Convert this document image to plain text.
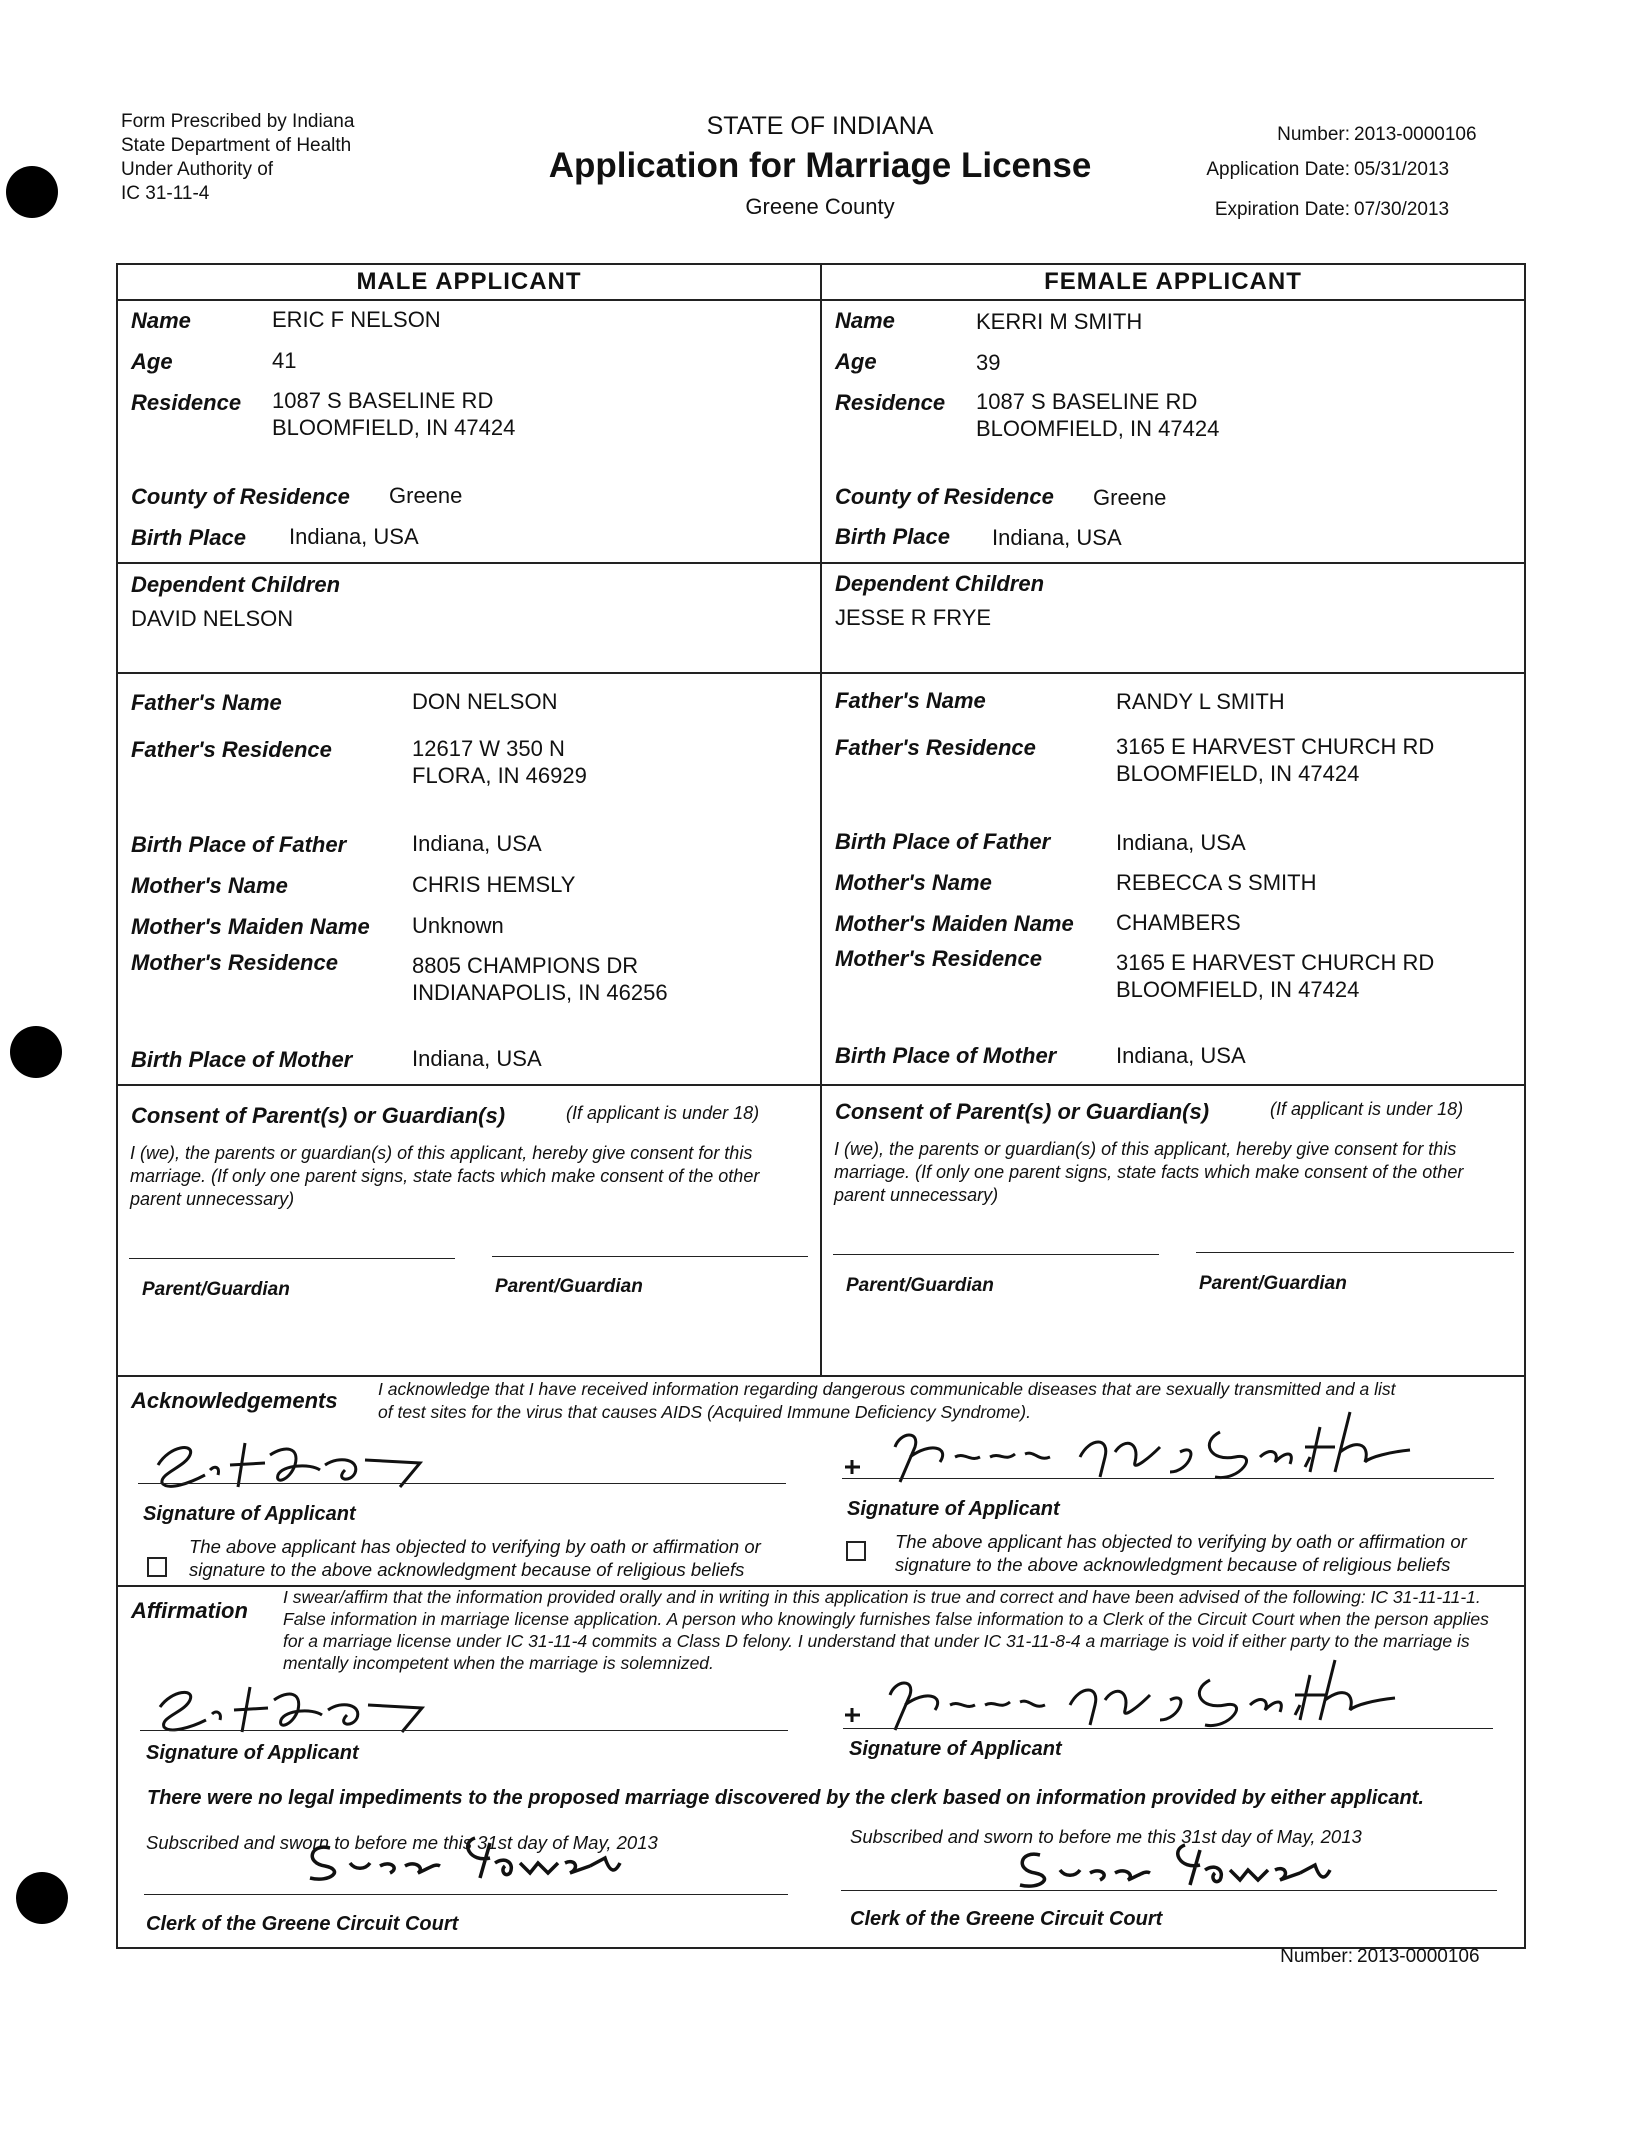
Form Prescribed by Indiana
State Department of Health
Under Authority of
IC 31-11-4
STATE OF INDIANA
Application for Marriage License
Greene County
Number: 2013-0000106
Application Date: 05/31/2013
Expiration Date: 07/30/2013
MALE APPLICANT	FEMALE APPLICANT
Name	ERIC F NELSON
Age	41
Residence 1087 S BASELINE RD
BLOOMFIELD, IN 47424
County of Residence Greene
Birth Place Indiana, USA
Dependent Children
DAVID NELSON
Father's Name	DON NELSON
Father's Residence	12617 W 350 N
FLORA, IN 46929
Birth Place of Father	Indiana, USA
Mother's Name	CHRIS HEMSLY
Mother's Maiden Name Unknown
Mother's Residence	8805 CHAMPIONS DR
INDIANAPOLIS, IN 46256
Birth Place of Mother	Indiana, USA
Name	KERRI M SMITH
Age	39
Residence 1087 S BASELINE RD
BLOOMFIELD, IN 47424
County of Residence Greene
Birth Place Indiana, USA
Dependent Children
JESSE R FRYE
Father's Name	RANDY L SMITH
Father's Residence	3165 E HARVEST CHURCH RD
BLOOMFIELD, IN 47424
Birth Place of Father	Indiana, USA
Mother's Name	REBECCA S SMITH
Mother's Maiden Name CHAMBERS
Mother's Residence	3165 E HARVEST CHURCH RD
BLOOMFIELD, IN 47424
Birth Place of Mother	Indiana, USA
Consent of Parent(s) or Guardian(s)	(If applicant is under 18)
I (we), the parents or guardian(s) of this applicant, hereby give consent for this marriage. (If only one parent signs, state facts which make consent of the other parent unnecessary)
Parent/Guardian	Parent/Guardian
Consent of Parent(s) or Guardian(s)	(If applicant is under 18)
I (we), the parents or guardian(s) of this applicant, hereby give consent for this marriage. (If only one parent signs, state facts which make consent of the other parent unnecessary)
Parent/Guardian	Parent/Guardian
Acknowledgements I acknowledge that I have received information regarding dangerous communicable diseases that are sexually transmitted and a list
of test sites for the virus that causes AIDS (Acquired Immune Deficiency Syndrome).
Signature of Applicant
The above applicant has objected to verifying by oath or affirmation or signature to the above acknowledgment because of religious beliefs
Signature of Applicant
The above applicant has objected to verifying by oath or affirmation or signature to the above acknowledgment because of religious beliefs
Affirmation
I swear/affirm that the information provided orally and in writing in this application is true and correct and have been advised of the following: IC 31-11-11-1. False information in marriage license application. A person who knowingly furnishes false information to a Clerk of the Circuit Court when the person applies for a marriage license under IC 31-11-4 commits a Class D felony. I understand that under IC 31-11-8-4 a marriage is void if either party to the marriage is mentally incompetent when the marriage is solemnized.
Signature of Applicant	Signature of Applicant
There were no legal impediments to the proposed marriage discovered by the clerk based on information provided by either applicant.
Subscribed and sworn to before me this 31st day of May, 2013
Clerk of the Greene Circuit Court
Subscribed and sworn to before me this 31st day of May, 2013
Clerk of the Greene Circuit Court
Number: 2013-0000106
